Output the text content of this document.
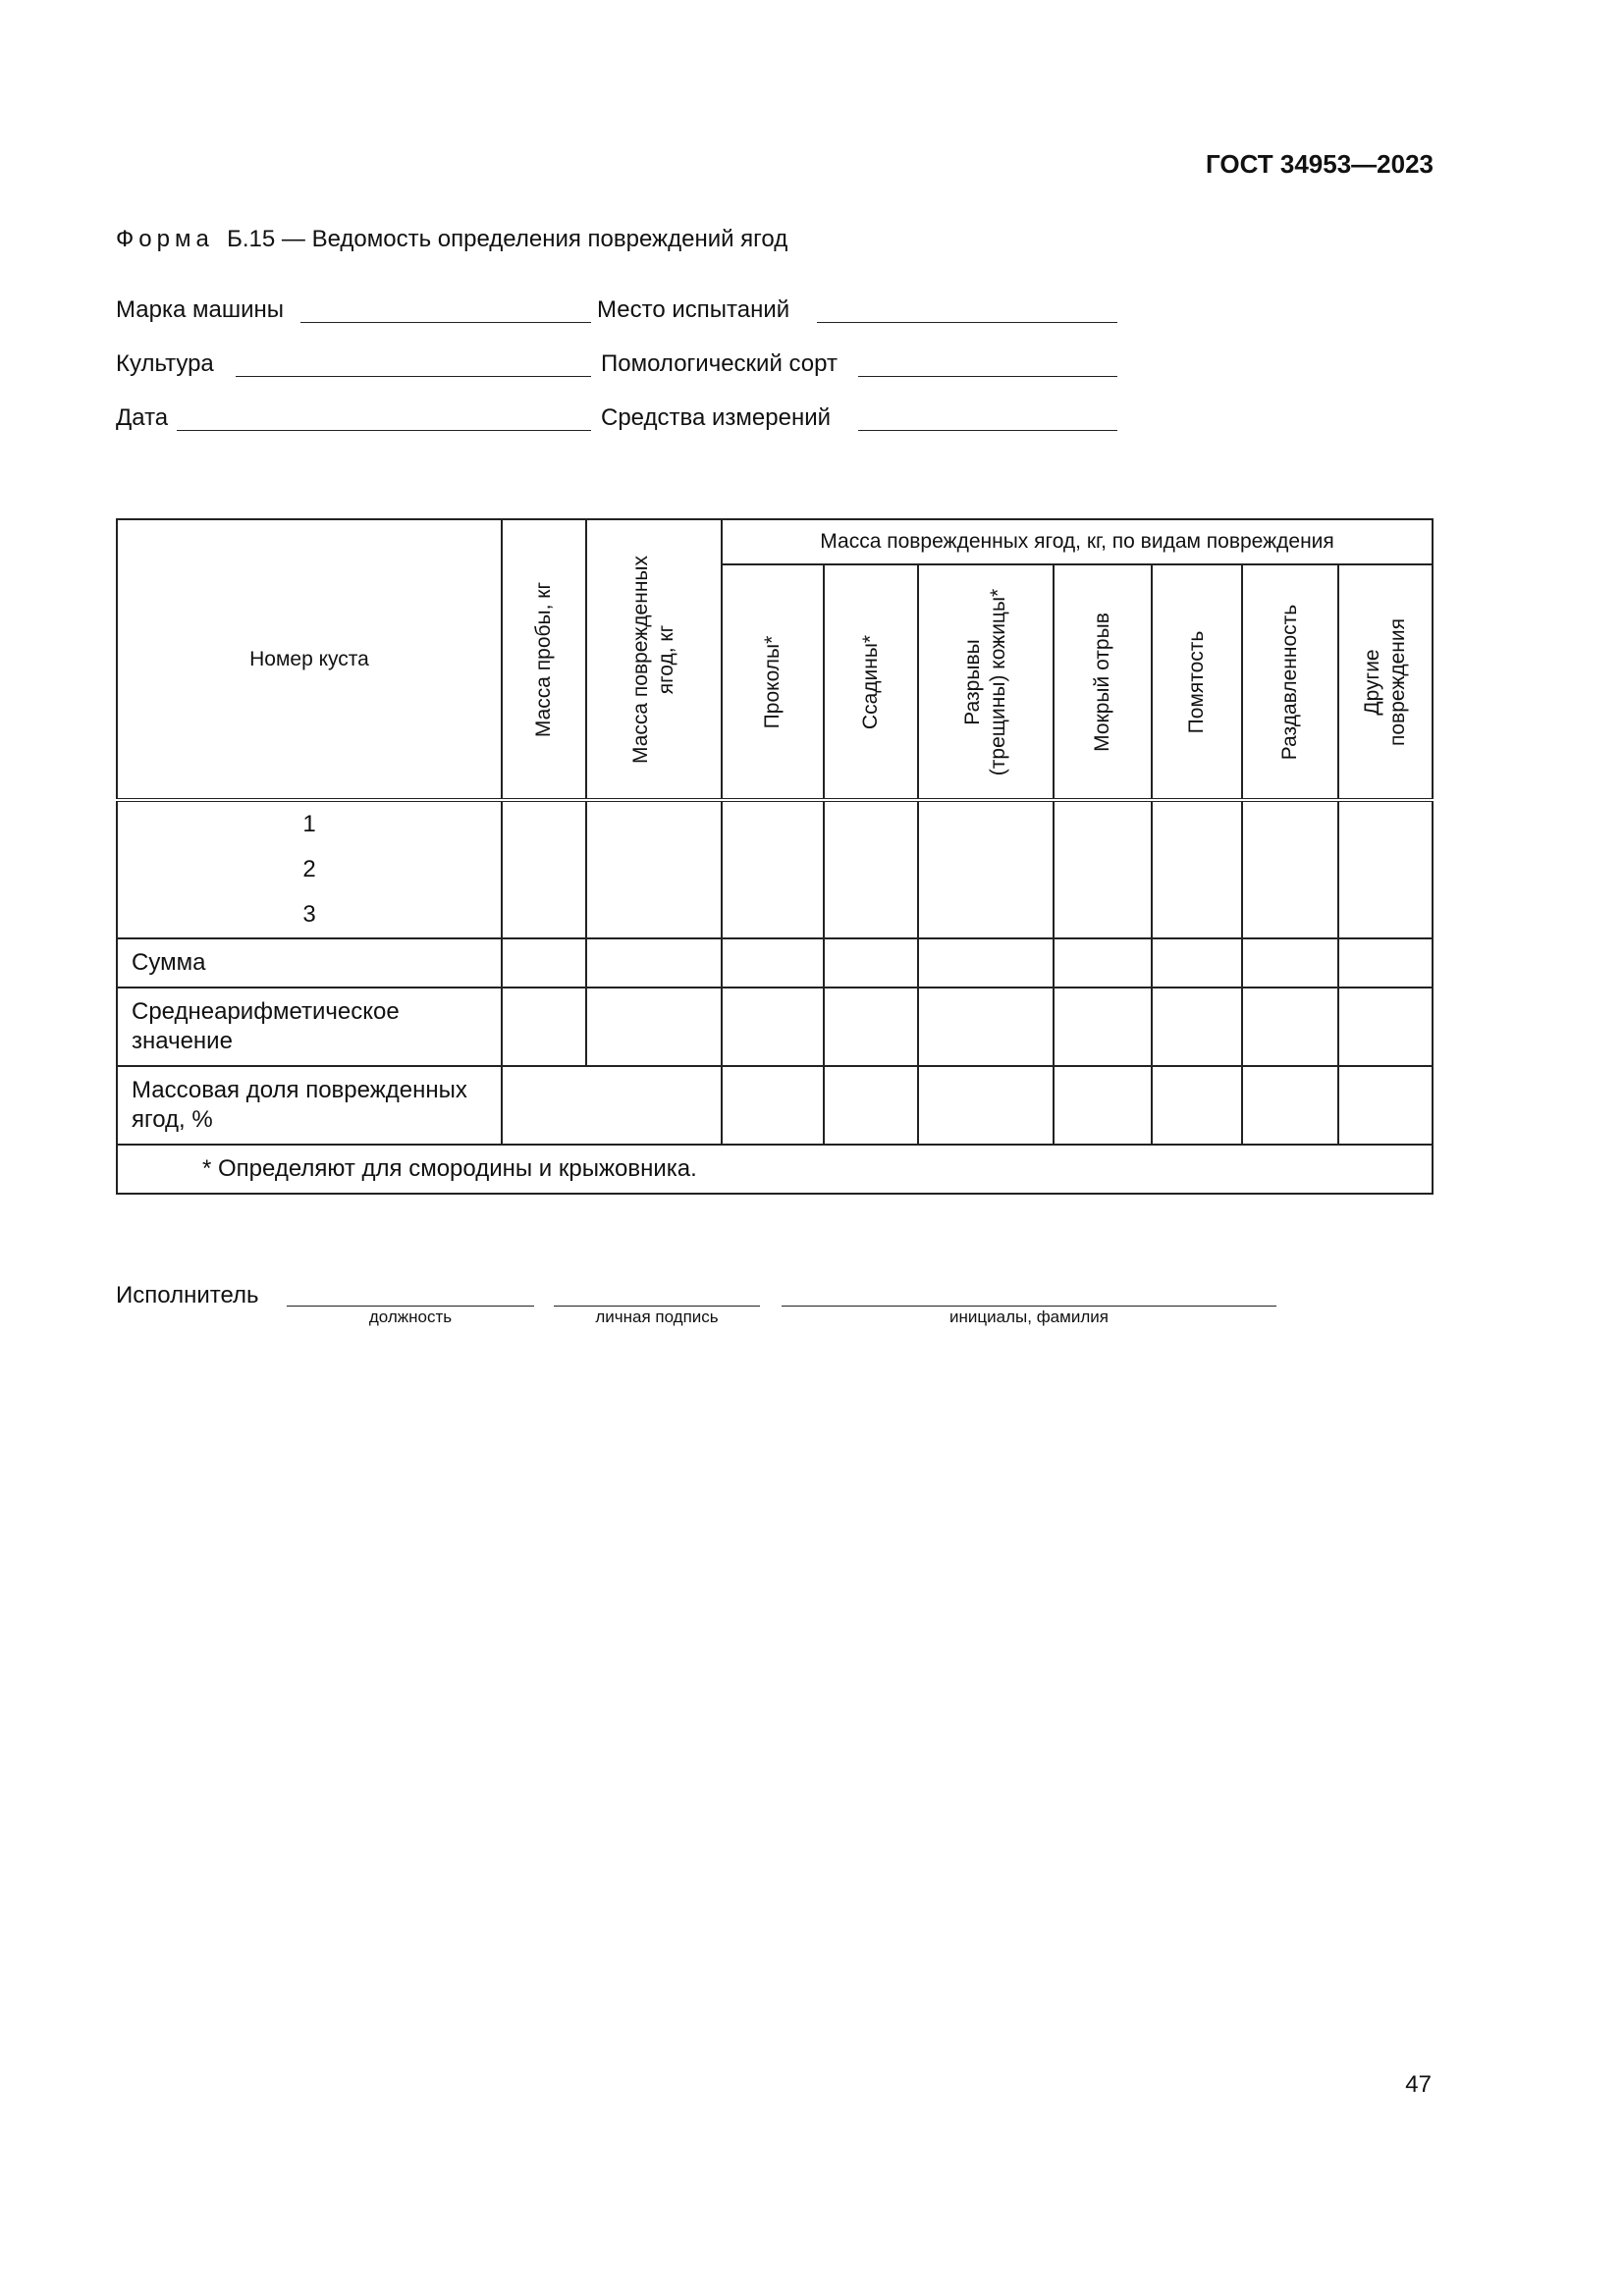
ГОСТ 34953—2023
Форма Б.15 — Ведомость определения повреждений ягод
Марка машины	Место испытаний
Культура	Помологический сорт
Дата	Средства измерений
Номер куста	Масса пробы, кг	Масса поврежденных ягод, кг	Масса поврежденных ягод, кг, по видам повреждения						

			Проколы*	Ссадины*	Разрывы (трещины) кожицы*	Мокрый отрыв	Помятость	Раздавленность	Другие повреждения

1
2
3									

Сумма									
Среднеарифметическое
значение									
Массовая доля поврежденных
ягод, %									
* Определяют для смородины и крыжовника.									
Исполнитель
должность	личная подпись	инициалы, фамилия
47
